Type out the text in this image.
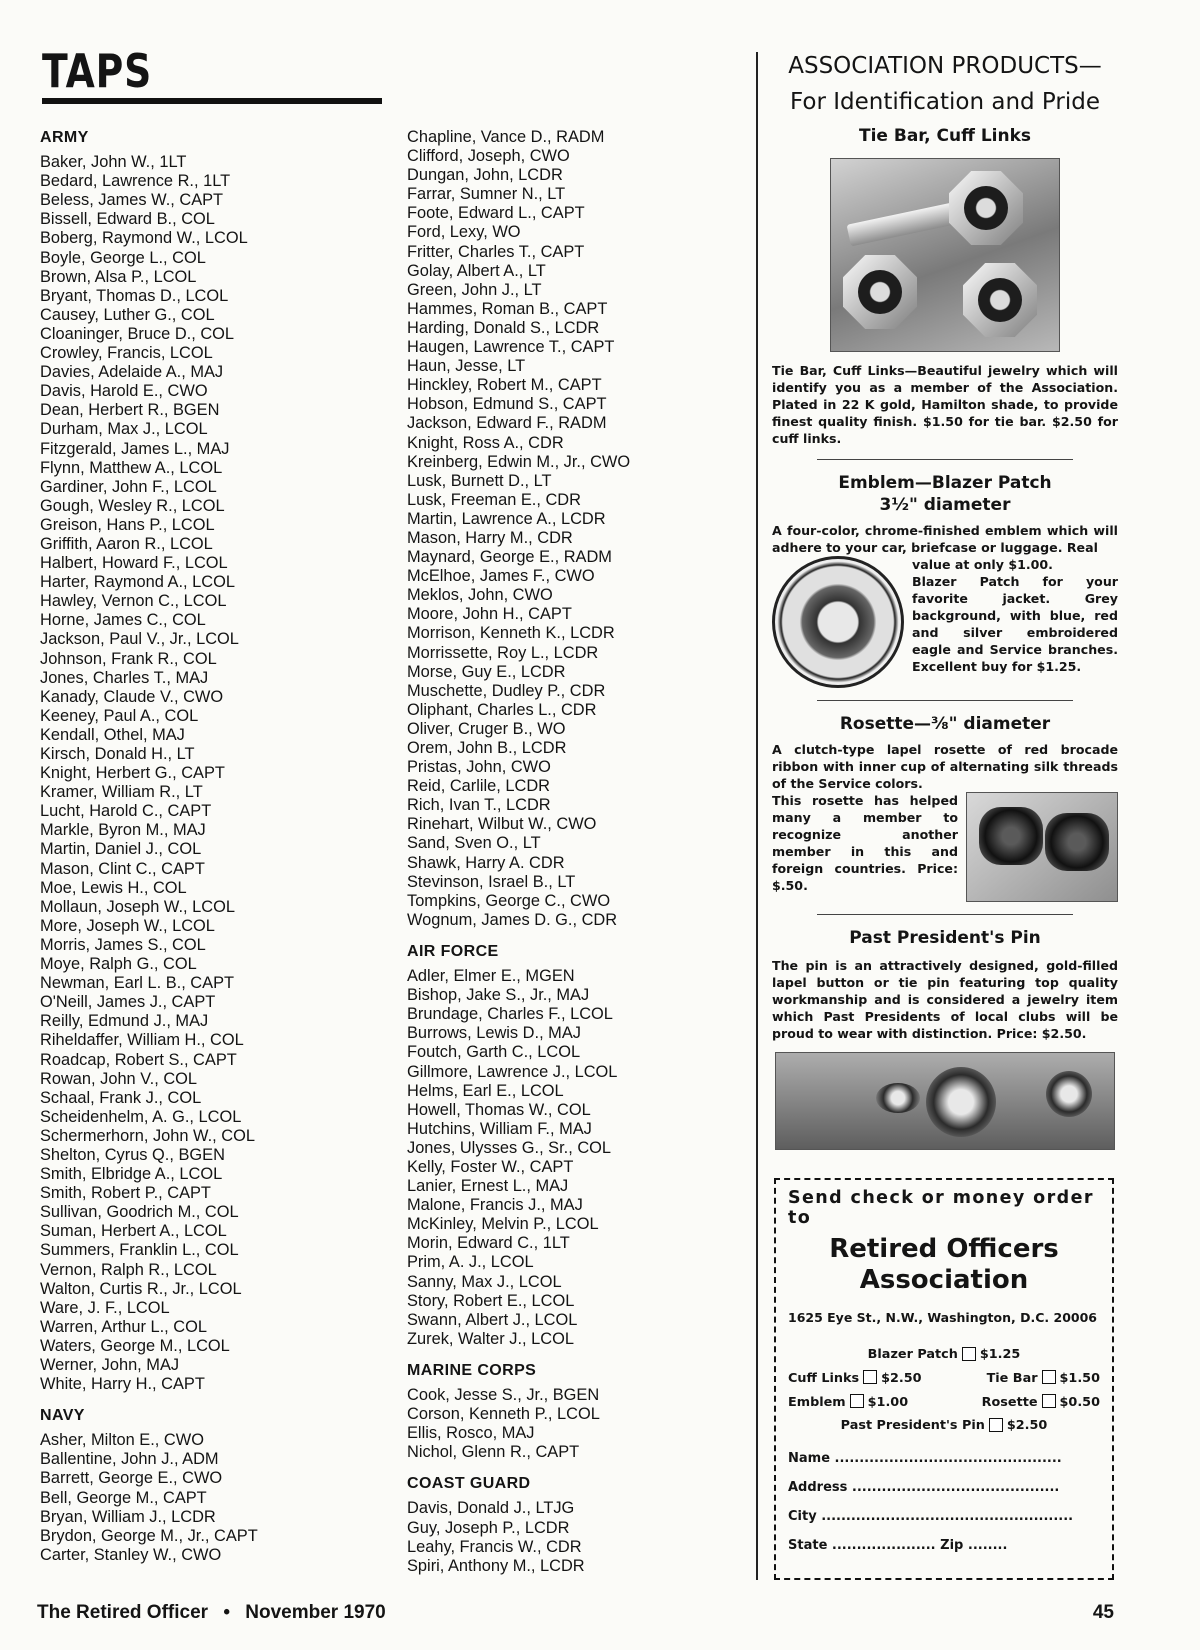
TAPS
ARMY
Baker, John W., 1LT
Bedard, Lawrence R., 1LT
Beless, James W., CAPT
Bissell, Edward B., COL
Boberg, Raymond W., LCOL
Boyle, George L., COL
Brown, Alsa P., LCOL
Bryant, Thomas D., LCOL
Causey, Luther G., COL
Cloaninger, Bruce D., COL
Crowley, Francis, LCOL
Davies, Adelaide A., MAJ
Davis, Harold E., CWO
Dean, Herbert R., BGEN
Durham, Max J., LCOL
Fitzgerald, James L., MAJ
Flynn, Matthew A., LCOL
Gardiner, John F., LCOL
Gough, Wesley R., LCOL
Greison, Hans P., LCOL
Griffith, Aaron R., LCOL
Halbert, Howard F., LCOL
Harter, Raymond A., LCOL
Hawley, Vernon C., LCOL
Horne, James C., COL
Jackson, Paul V., Jr., LCOL
Johnson, Frank R., COL
Jones, Charles T., MAJ
Kanady, Claude V., CWO
Keeney, Paul A., COL
Kendall, Othel, MAJ
Kirsch, Donald H., LT
Knight, Herbert G., CAPT
Kramer, William R., LT
Lucht, Harold C., CAPT
Markle, Byron M., MAJ
Martin, Daniel J., COL
Mason, Clint C., CAPT
Moe, Lewis H., COL
Mollaun, Joseph W., LCOL
More, Joseph W., LCOL
Morris, James S., COL
Moye, Ralph G., COL
Newman, Earl L. B., CAPT
O'Neill, James J., CAPT
Reilly, Edmund J., MAJ
Riheldaffer, William H., COL
Roadcap, Robert S., CAPT
Rowan, John V., COL
Schaal, Frank J., COL
Scheidenhelm, A. G., LCOL
Schermerhorn, John W., COL
Shelton, Cyrus Q., BGEN
Smith, Elbridge A., LCOL
Smith, Robert P., CAPT
Sullivan, Goodrich M., COL
Suman, Herbert A., LCOL
Summers, Franklin L., COL
Vernon, Ralph R., LCOL
Walton, Curtis R., Jr., LCOL
Ware, J. F., LCOL
Warren, Arthur L., COL
Waters, George M., LCOL
Werner, John, MAJ
White, Harry H., CAPT
NAVY
Asher, Milton E., CWO
Ballentine, John J., ADM
Barrett, George E., CWO
Bell, George M., CAPT
Bryan, William J., LCDR
Brydon, George M., Jr., CAPT
Carter, Stanley W., CWO
Chapline, Vance D., RADM
Clifford, Joseph, CWO
Dungan, John, LCDR
Farrar, Sumner N., LT
Foote, Edward L., CAPT
Ford, Lexy, WO
Fritter, Charles T., CAPT
Golay, Albert A., LT
Green, John J., LT
Hammes, Roman B., CAPT
Harding, Donald S., LCDR
Haugen, Lawrence T., CAPT
Haun, Jesse, LT
Hinckley, Robert M., CAPT
Hobson, Edmund S., CAPT
Jackson, Edward F., RADM
Knight, Ross A., CDR
Kreinberg, Edwin M., Jr., CWO
Lusk, Burnett D., LT
Lusk, Freeman E., CDR
Martin, Lawrence A., LCDR
Mason, Harry M., CDR
Maynard, George E., RADM
McElhoe, James F., CWO
Meklos, John, CWO
Moore, John H., CAPT
Morrison, Kenneth K., LCDR
Morrissette, Roy L., LCDR
Morse, Guy E., LCDR
Muschette, Dudley P., CDR
Oliphant, Charles L., CDR
Oliver, Cruger B., WO
Orem, John B., LCDR
Pristas, John, CWO
Reid, Carlile, LCDR
Rich, Ivan T., LCDR
Rinehart, Wilbut W., CWO
Sand, Sven O., LT
Shawk, Harry A. CDR
Stevinson, Israel B., LT
Tompkins, George C., CWO
Wognum, James D. G., CDR
AIR FORCE
Adler, Elmer E., MGEN
Bishop, Jake S., Jr., MAJ
Brundage, Charles F., LCOL
Burrows, Lewis D., MAJ
Foutch, Garth C., LCOL
Gillmore, Lawrence J., LCOL
Helms, Earl E., LCOL
Howell, Thomas W., COL
Hutchins, William F., MAJ
Jones, Ulysses G., Sr., COL
Kelly, Foster W., CAPT
Lanier, Ernest L., MAJ
Malone, Francis J., MAJ
McKinley, Melvin P., LCOL
Morin, Edward C., 1LT
Prim, A. J., LCOL
Sanny, Max J., LCOL
Story, Robert E., LCOL
Swann, Albert J., LCOL
Zurek, Walter J., LCOL
MARINE CORPS
Cook, Jesse S., Jr., BGEN
Corson, Kenneth P., LCOL
Ellis, Rosco, MAJ
Nichol, Glenn R., CAPT
COAST GUARD
Davis, Donald J., LTJG
Guy, Joseph P., LCDR
Leahy, Francis W., CDR
Spiri, Anthony M., LCDR
ASSOCIATION PRODUCTS—
For Identification and Pride
Tie Bar, Cuff Links
Tie Bar, Cuff Links—Beautiful jewelry which will identify you as a member of the Association. Plated in 22 K gold, Hamilton shade, to provide finest quality finish. $1.50 for tie bar. $2.50 for cuff links.
Emblem—Blazer Patch
3½" diameter
A four-color, chrome-finished emblem which will adhere to your car, briefcase or luggage. Real
value at only $1.00.
Blazer Patch for your favorite jacket. Grey background, with blue, red and silver embroidered eagle and Service branches. Excellent buy for $1.25.
Rosette—⅜" diameter
A clutch-type lapel rosette of red brocade ribbon with inner cup of alternating silk threads of the Service colors.
This rosette has helped many a member to recognize another member in this and foreign countries. Price: $.50.
Past President's Pin
The pin is an attractively designed, gold-filled lapel button or tie pin featuring top quality workmanship and is considered a jewelry item which Past Presidents of local clubs will be proud to wear with distinction. Price: $2.50.
Send check or money order to
Retired Officers
Association
1625 Eye St., N.W., Washington, D.C. 20006
Blazer Patch $1.25
Cuff Links $2.50	Tie Bar $1.50
Emblem $1.00	Rosette $0.50
Past President's Pin $2.50
Name ..............................................
Address ..........................................
City ...................................................
State ..................... Zip ........
The Retired Officer • November 1970	45
